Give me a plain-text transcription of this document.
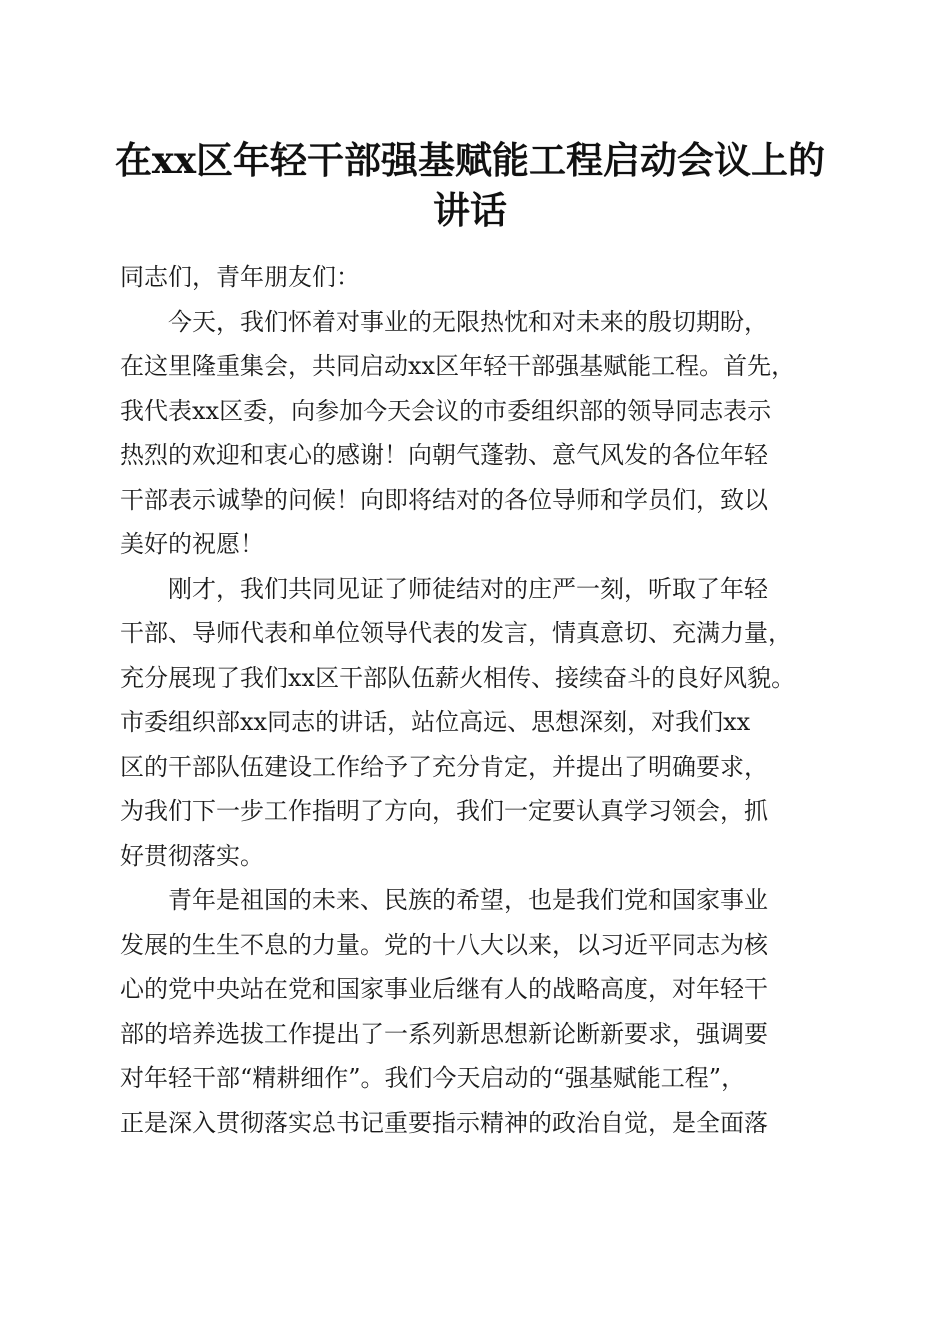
在xx区年轻干部强基赋能工程启动会议上的
讲话
同志们，青年朋友们：
今天，我们怀着对事业的无限热忱和对未来的殷切期盼，
在这里隆重集会，共同启动xx区年轻干部强基赋能工程。首先，
我代表xx区委，向参加今天会议的市委组织部的领导同志表示
热烈的欢迎和衷心的感谢！向朝气蓬勃、意气风发的各位年轻
干部表示诚挚的问候！向即将结对的各位导师和学员们，致以
美好的祝愿！
刚才，我们共同见证了师徒结对的庄严一刻，听取了年轻
干部、导师代表和单位领导代表的发言，情真意切、充满力量，
充分展现了我们xx区干部队伍薪火相传、接续奋斗的良好风貌。
市委组织部xx同志的讲话，站位高远、思想深刻，对我们xx
区的干部队伍建设工作给予了充分肯定，并提出了明确要求，
为我们下一步工作指明了方向，我们一定要认真学习领会，抓
好贯彻落实。
青年是祖国的未来、民族的希望，也是我们党和国家事业
发展的生生不息的力量。党的十八大以来，以习近平同志为核
心的党中央站在党和国家事业后继有人的战略高度，对年轻干
部的培养选拔工作提出了一系列新思想新论断新要求，强调要
对年轻干部“精耕细作”。我们今天启动的“强基赋能工程”，
正是深入贯彻落实总书记重要指示精神的政治自觉，是全面落
